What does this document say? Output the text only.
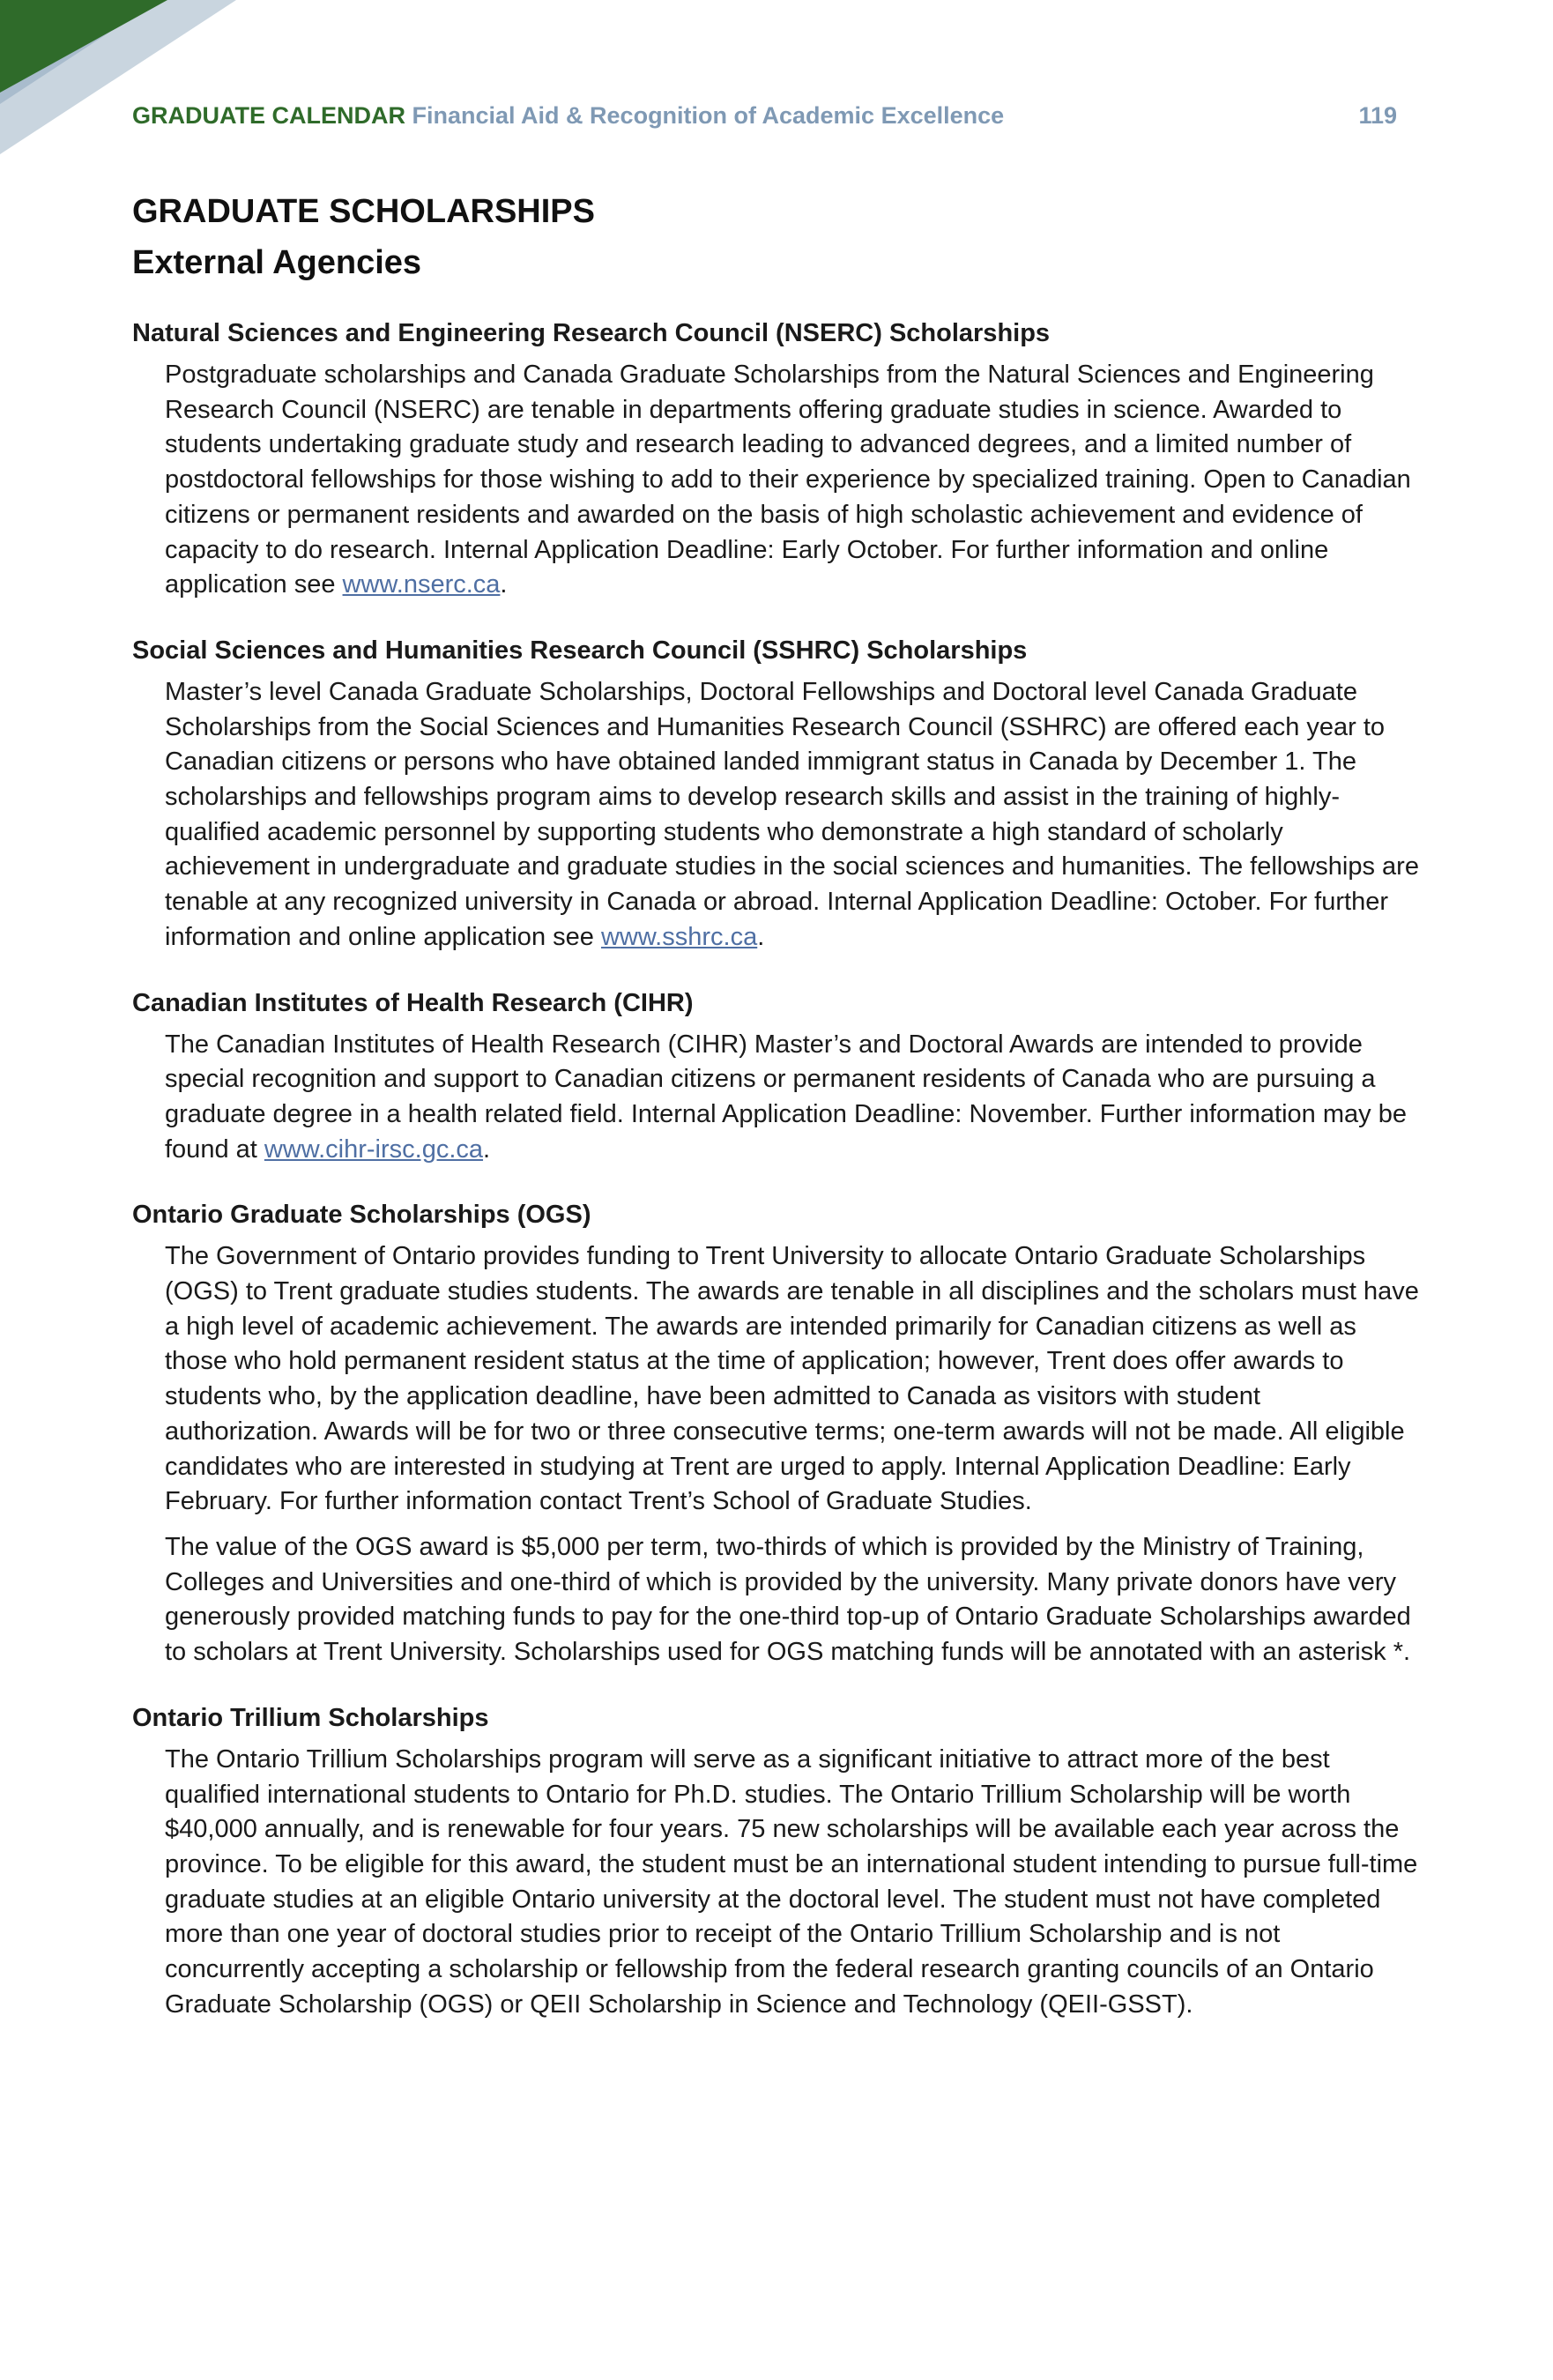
GRADUATE CALENDAR Financial Aid & Recognition of Academic Excellence	119
GRADUATE SCHOLARSHIPS
External Agencies
Natural Sciences and Engineering Research Council (NSERC) Scholarships

Postgraduate scholarships and Canada Graduate Scholarships from the Natural Sciences and Engineering Research Council (NSERC) are tenable in departments offering graduate studies in science. Awarded to students undertaking graduate study and research leading to advanced degrees, and a limited number of postdoctoral fellowships for those wishing to add to their experience by specialized training. Open to Canadian citizens or permanent residents and awarded on the basis of high scholastic achievement and evidence of capacity to do research. Internal Application Deadline: Early October. For further information and online application see www.nserc.ca.

Social Sciences and Humanities Research Council (SSHRC) Scholarships

Master’s level Canada Graduate Scholarships, Doctoral Fellowships and Doctoral level Canada Graduate Scholarships from the Social Sciences and Humanities Research Council (SSHRC) are offered each year to Canadian citizens or persons who have obtained landed immigrant status in Canada by December 1. The scholarships and fellowships program aims to develop research skills and assist in the training of highly-qualified academic personnel by supporting students who demonstrate a high standard of scholarly achievement in undergraduate and graduate studies in the social sciences and humanities. The fellowships are tenable at any recognized university in Canada or abroad. Internal Application Deadline: October. For further information and online application see www.sshrc.ca.

Canadian Institutes of Health Research (CIHR)

The Canadian Institutes of Health Research (CIHR) Master’s and Doctoral Awards are intended to provide special recognition and support to Canadian citizens or permanent residents of Canada who are pursuing a graduate degree in a health related field. Internal Application Deadline: November. Further information may be found at www.cihr-irsc.gc.ca.

Ontario Graduate Scholarships (OGS)

The Government of Ontario provides funding to Trent University to allocate Ontario Graduate Scholarships (OGS) to Trent graduate studies students. The awards are tenable in all disciplines and the scholars must have a high level of academic achievement. The awards are intended primarily for Canadian citizens as well as those who hold permanent resident status at the time of application; however, Trent does offer awards to students who, by the application deadline, have been admitted to Canada as visitors with student authorization. Awards will be for two or three consecutive terms; one-term awards will not be made. All eligible candidates who are interested in studying at Trent are urged to apply. Internal Application Deadline: Early February. For further information contact Trent’s School of Graduate Studies.

The value of the OGS award is $5,000 per term, two-thirds of which is provided by the Ministry of Training, Colleges and Universities and one-third of which is provided by the university. Many private donors have very generously provided matching funds to pay for the one-third top-up of Ontario Graduate Scholarships awarded to scholars at Trent University. Scholarships used for OGS matching funds will be annotated with an asterisk *.

Ontario Trillium Scholarships

The Ontario Trillium Scholarships program will serve as a significant initiative to attract more of the best qualified international students to Ontario for Ph.D. studies. The Ontario Trillium Scholarship will be worth $40,000 annually, and is renewable for four years. 75 new scholarships will be available each year across the province. To be eligible for this award, the student must be an international student intending to pursue full-time graduate studies at an eligible Ontario university at the doctoral level. The student must not have completed more than one year of doctoral studies prior to receipt of the Ontario Trillium Scholarship and is not concurrently accepting a scholarship or fellowship from the federal research granting councils of an Ontario Graduate Scholarship (OGS) or QEII Scholarship in Science and Technology (QEII-GSST).
